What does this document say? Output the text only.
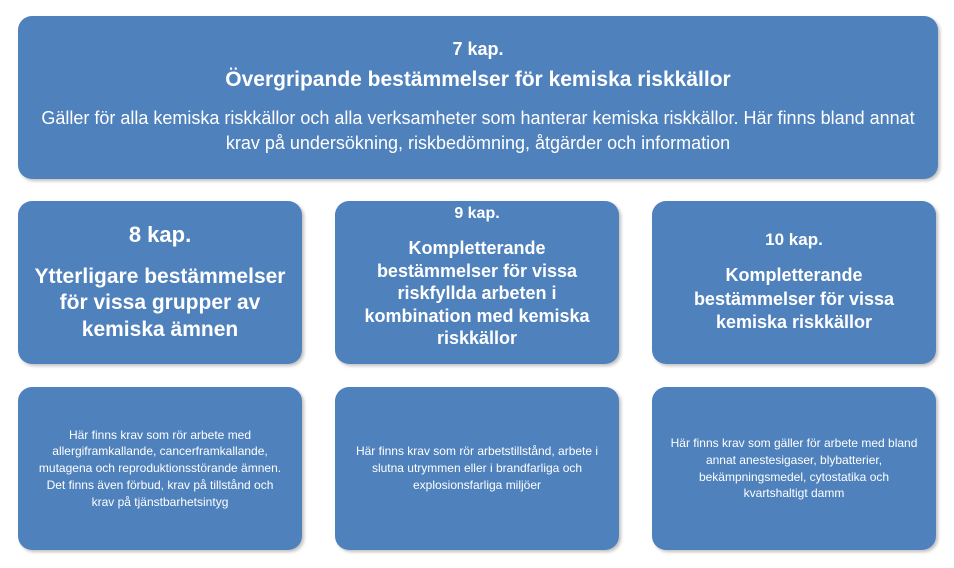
7 kap.
Övergripande bestämmelser för kemiska riskkällor
Gäller för alla kemiska riskkällor och alla verksamheter som hanterar kemiska riskkällor. Här finns bland annat krav på undersökning, riskbedömning, åtgärder och information
8 kap.
Ytterligare bestämmelser för vissa grupper av kemiska ämnen
9 kap.
Kompletterande bestämmelser för vissa riskfyllda arbeten i kombination med kemiska riskkällor
10 kap.
Kompletterande bestämmelser för vissa kemiska riskkällor
Här finns krav som rör arbete med allergiframkallande, cancerframkallande, mutagena och reproduktionsstörande ämnen. Det finns även förbud, krav på tillstånd och krav på tjänstbarhetsintyg
Här finns krav som rör arbetstillstånd, arbete i slutna utrymmen eller i brandfarliga och explosionsfarliga miljöer
Här finns krav som gäller för arbete med bland annat anestesigaser, blybatterier, bekämpningsmedel, cytostatika och kvartshaltigt damm
